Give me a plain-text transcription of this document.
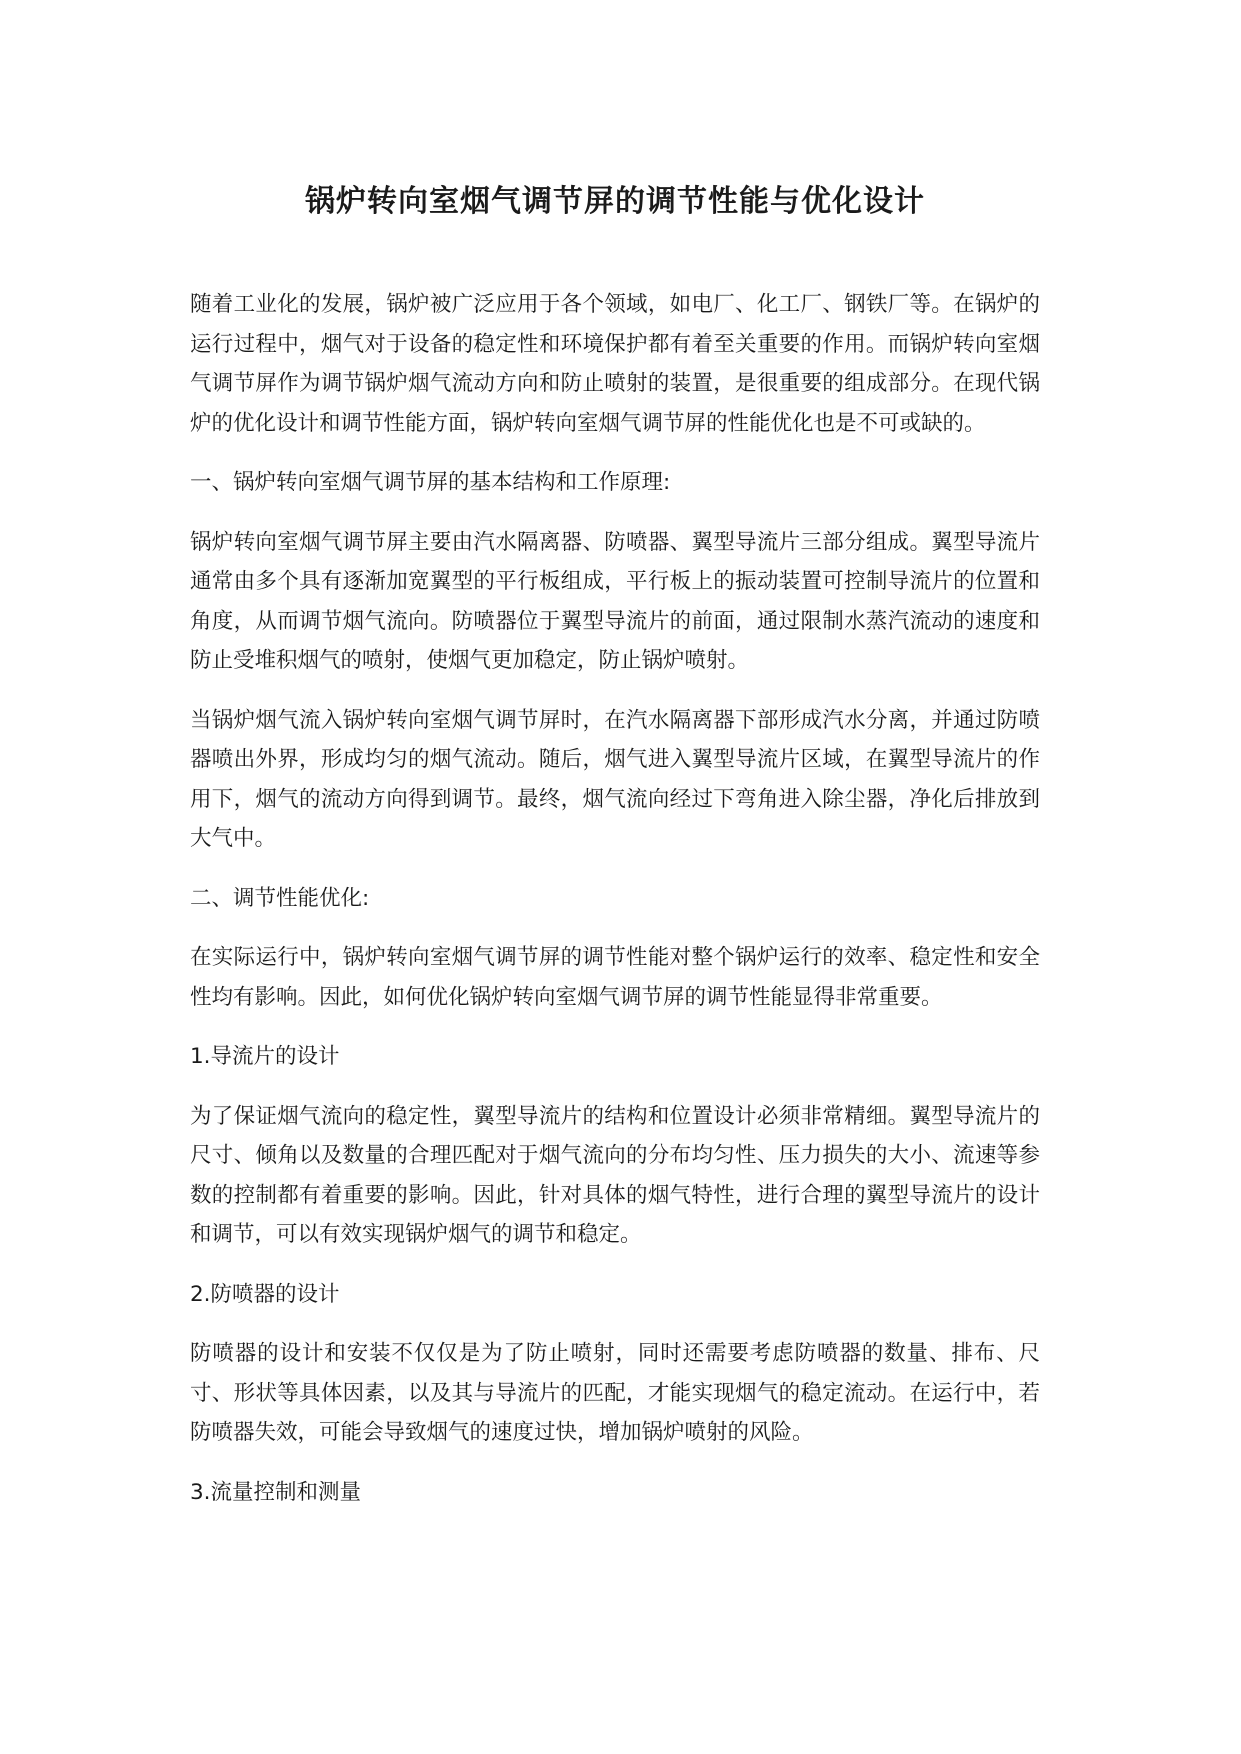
锅炉转向室烟气调节屏的调节性能与优化设计

随着工业化的发展，锅炉被广泛应用于各个领域，如电厂、化工厂、钢铁厂等。在锅炉的运行过程中，烟气对于设备的稳定性和环境保护都有着至关重要的作用。而锅炉转向室烟气调节屏作为调节锅炉烟气流动方向和防止喷射的装置，是很重要的组成部分。在现代锅炉的优化设计和调节性能方面，锅炉转向室烟气调节屏的性能优化也是不可或缺的。

一、锅炉转向室烟气调节屏的基本结构和工作原理:

锅炉转向室烟气调节屏主要由汽水隔离器、防喷器、翼型导流片三部分组成。翼型导流片通常由多个具有逐渐加宽翼型的平行板组成，平行板上的振动装置可控制导流片的位置和角度，从而调节烟气流向。防喷器位于翼型导流片的前面，通过限制水蒸汽流动的速度和防止受堆积烟气的喷射，使烟气更加稳定，防止锅炉喷射。

当锅炉烟气流入锅炉转向室烟气调节屏时，在汽水隔离器下部形成汽水分离，并通过防喷器喷出外界，形成均匀的烟气流动。随后，烟气进入翼型导流片区域，在翼型导流片的作用下，烟气的流动方向得到调节。最终，烟气流向经过下弯角进入除尘器，净化后排放到大气中。

二、调节性能优化:

在实际运行中，锅炉转向室烟气调节屏的调节性能对整个锅炉运行的效率、稳定性和安全性均有影响。因此，如何优化锅炉转向室烟气调节屏的调节性能显得非常重要。

1.导流片的设计

为了保证烟气流向的稳定性，翼型导流片的结构和位置设计必须非常精细。翼型导流片的尺寸、倾角以及数量的合理匹配对于烟气流向的分布均匀性、压力损失的大小、流速等参数的控制都有着重要的影响。因此，针对具体的烟气特性，进行合理的翼型导流片的设计和调节，可以有效实现锅炉烟气的调节和稳定。

2.防喷器的设计

防喷器的设计和安装不仅仅是为了防止喷射，同时还需要考虑防喷器的数量、排布、尺寸、形状等具体因素，以及其与导流片的匹配，才能实现烟气的稳定流动。在运行中，若防喷器失效，可能会导致烟气的速度过快，增加锅炉喷射的风险。

3.流量控制和测量
